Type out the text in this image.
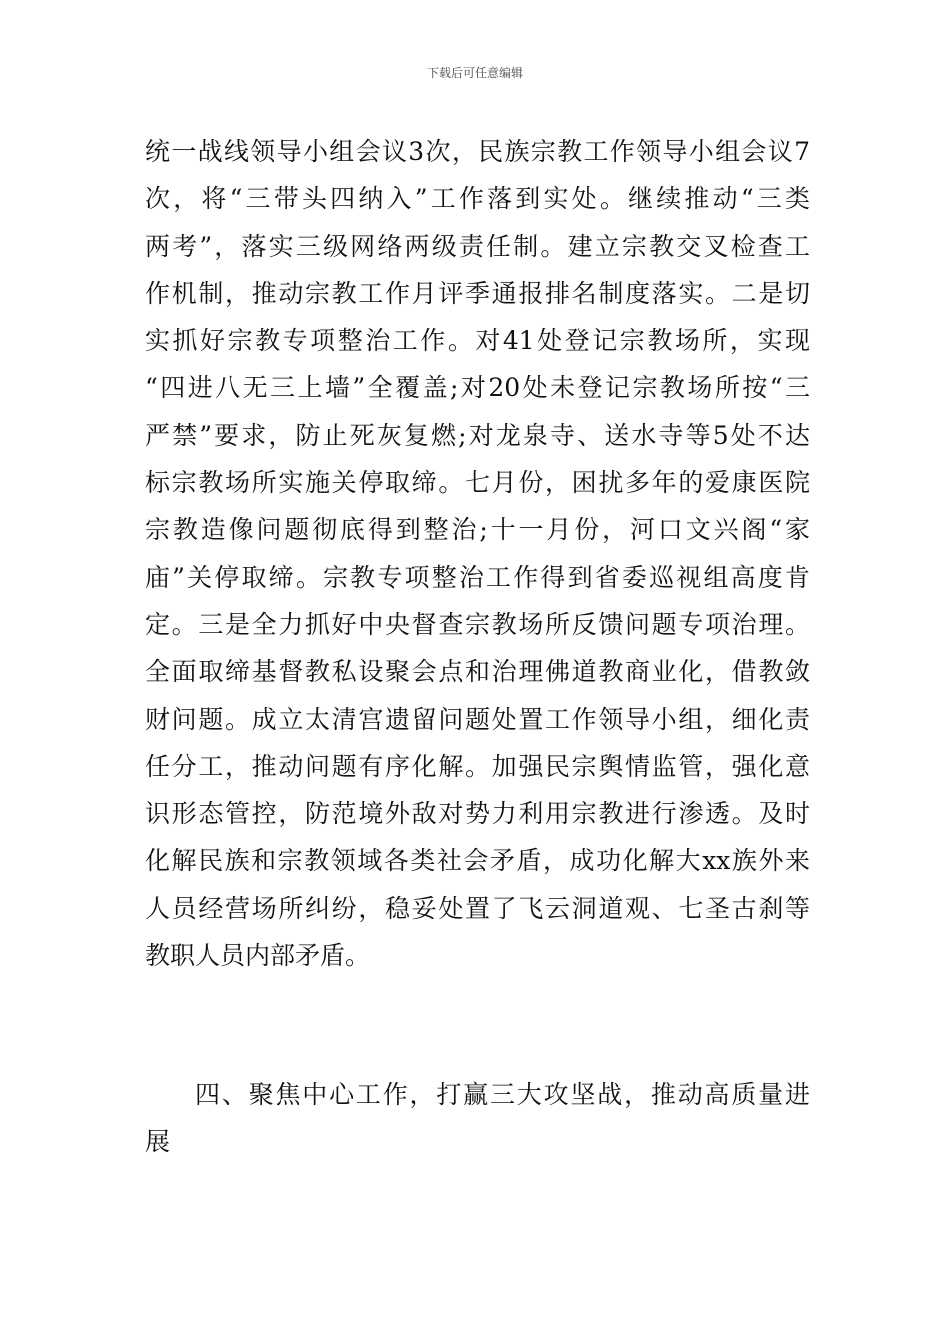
下载后可任意编辑
统一战线领导小组会议3次，民族宗教工作领导小组会议7
次，将“三带头四纳入”工作落到实处。继续推动“三类
两考”，落实三级网络两级责任制。建立宗教交叉检查工
作机制，推动宗教工作月评季通报排名制度落实。二是切
实抓好宗教专项整治工作。对41处登记宗教场所，实现
“四进八无三上墙”全覆盖;对20处未登记宗教场所按“三
严禁”要求，防止死灰复燃;对龙泉寺、送水寺等5处不达
标宗教场所实施关停取缔。七月份，困扰多年的爱康医院
宗教造像问题彻底得到整治;十一月份，河口文兴阁“家
庙”关停取缔。宗教专项整治工作得到省委巡视组高度肯
定。三是全力抓好中央督查宗教场所反馈问题专项治理。
全面取缔基督教私设聚会点和治理佛道教商业化，借教敛
财问题。成立太清宫遗留问题处置工作领导小组，细化责
任分工，推动问题有序化解。加强民宗舆情监管，强化意
识形态管控，防范境外敌对势力利用宗教进行渗透。及时
化解民族和宗教领域各类社会矛盾，成功化解大xx族外来
人员经营场所纠纷，稳妥处置了飞云洞道观、七圣古刹等
教职人员内部矛盾。
四、聚焦中心工作，打赢三大攻坚战，推动高质量进
展
